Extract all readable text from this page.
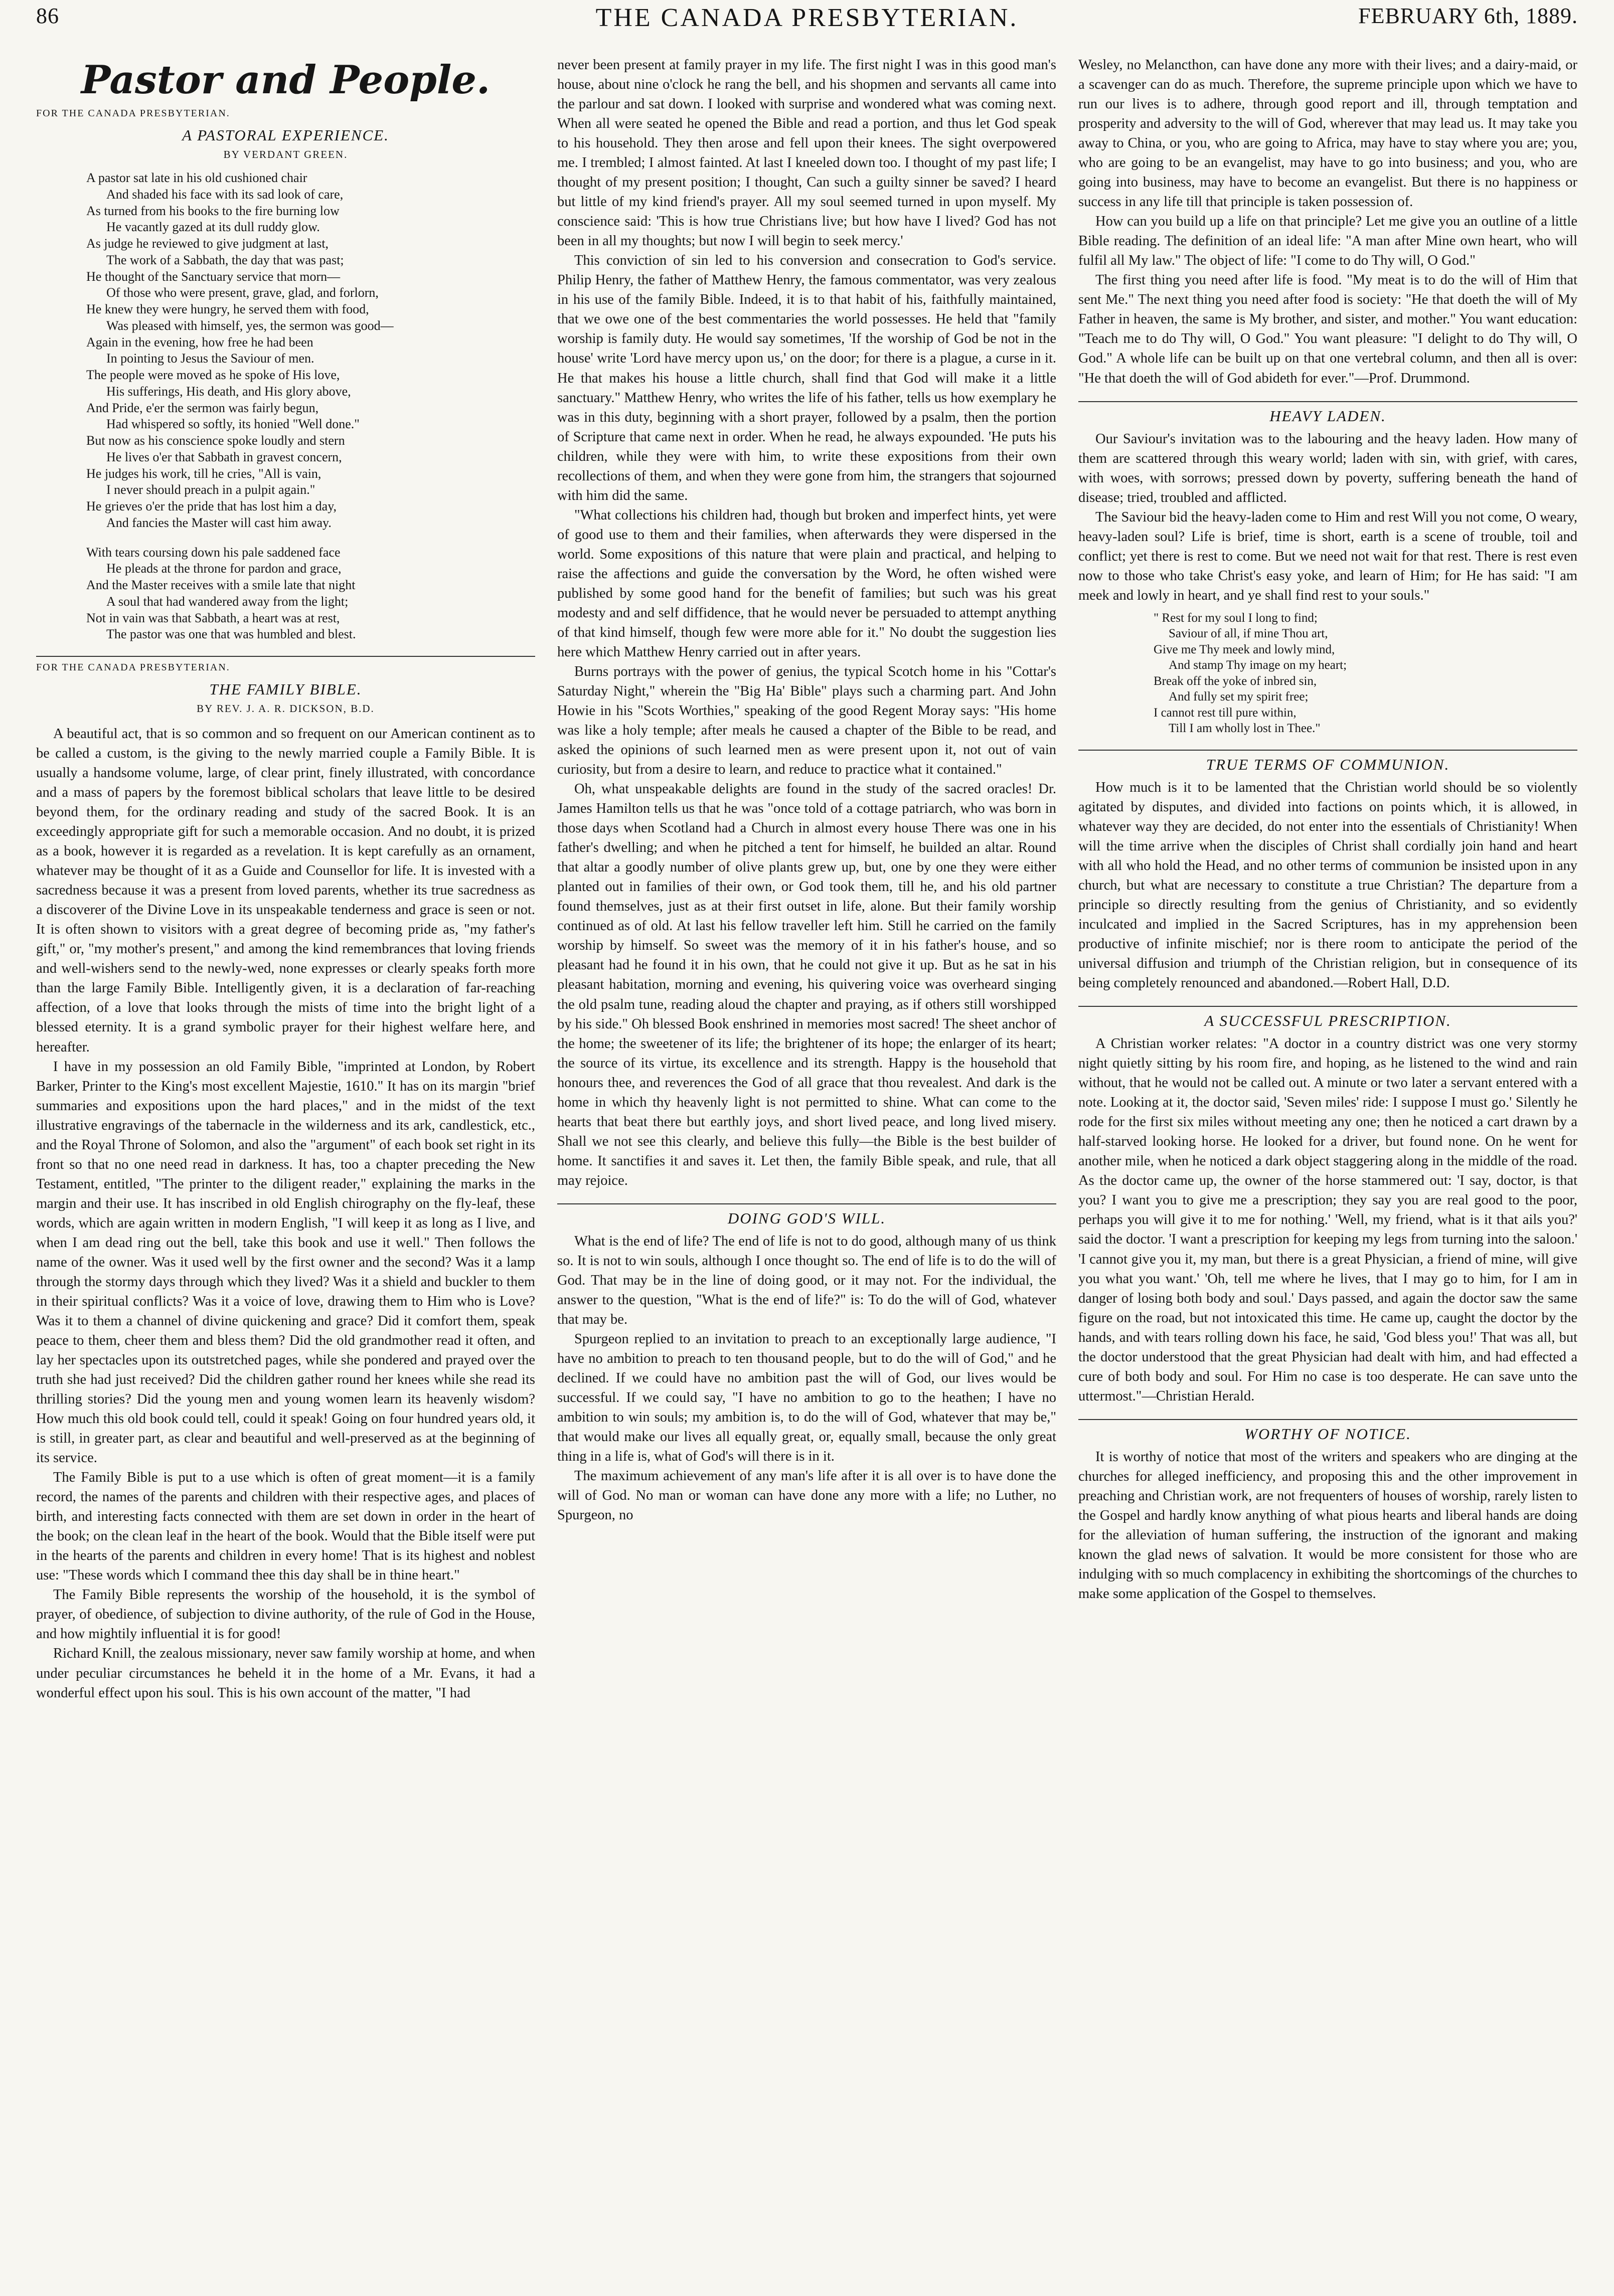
86	THE CANADA PRESBYTERIAN.	FEBRUARY 6th, 1889.
Pastor and People.
FOR THE CANADA PRESBYTERIAN.
A PASTORAL EXPERIENCE.
BY VERDANT GREEN.
A pastor sat late in his old cushioned chair
And shaded his face with its sad look of care,
As turned from his books to the fire burning low
He vacantly gazed at its dull ruddy glow.
As judge he reviewed to give judgment at last,
The work of a Sabbath, the day that was past;
He thought of the Sanctuary service that morn—
Of those who were present, grave, glad, and forlorn,
He knew they were hungry, he served them with food,
Was pleased with himself, yes, the sermon was good—
Again in the evening, how free he had been
In pointing to Jesus the Saviour of men.
The people were moved as he spoke of His love,
His sufferings, His death, and His glory above,
And Pride, e'er the sermon was fairly begun,
Had whispered so softly, its honied "Well done."
But now as his conscience spoke loudly and stern
He lives o'er that Sabbath in gravest concern,
He judges his work, till he cries, "All is vain,
I never should preach in a pulpit again."
He grieves o'er the pride that has lost him a day,
And fancies the Master will cast him away.
With tears coursing down his pale saddened face
He pleads at the throne for pardon and grace,
And the Master receives with a smile late that night
A soul that had wandered away from the light;
Not in vain was that Sabbath, a heart was at rest,
The pastor was one that was humbled and blest.
FOR THE CANADA PRESBYTERIAN.
THE FAMILY BIBLE.
BY REV. J. A. R. DICKSON, B.D.

A beautiful act, that is so common and so frequent on our American continent as to be called a custom, is the giving to the newly married couple a Family Bible. It is usually a handsome volume, large, of clear print, finely illustrated, with concordance and a mass of papers by the foremost biblical scholars that leave little to be desired beyond them, for the ordinary reading and study of the sacred Book. It is an exceedingly appropriate gift for such a memorable occasion. And no doubt, it is prized as a book, however it is regarded as a revelation. It is kept carefully as an ornament, whatever may be thought of it as a Guide and Counsellor for life. It is invested with a sacredness because it was a present from loved parents, whether its true sacredness as a discoverer of the Divine Love in its unspeakable tenderness and grace is seen or not. It is often shown to visitors with a great degree of becoming pride as, "my father's gift," or, "my mother's present," and among the kind remembrances that loving friends and well-wishers send to the newly-wed, none expresses or clearly speaks forth more than the large Family Bible. Intelligently given, it is a declaration of far-reaching affection, of a love that looks through the mists of time into the bright light of a blessed eternity. It is a grand symbolic prayer for their highest welfare here, and hereafter.

I have in my possession an old Family Bible, "imprinted at London, by Robert Barker, Printer to the King's most excellent Majestie, 1610." It has on its margin "brief summaries and expositions upon the hard places," and in the midst of the text illustrative engravings of the tabernacle in the wilderness and its ark, candlestick, etc., and the Royal Throne of Solomon, and also the "argument" of each book set right in its front so that no one need read in darkness. It has, too a chapter preceding the New Testament, entitled, "The printer to the diligent reader," explaining the marks in the margin and their use. It has inscribed in old English chirography on the fly-leaf, these words, which are again written in modern English, "I will keep it as long as I live, and when I am dead ring out the bell, take this book and use it well." Then follows the name of the owner. Was it used well by the first owner and the second? Was it a lamp through the stormy days through which they lived? Was it a shield and buckler to them in their spiritual conflicts? Was it a voice of love, drawing them to Him who is Love? Was it to them a channel of divine quickening and grace? Did it comfort them, speak peace to them, cheer them and bless them? Did the old grandmother read it often, and lay her spectacles upon its outstretched pages, while she pondered and prayed over the truth she had just received? Did the children gather round her knees while she read its thrilling stories? Did the young men and young women learn its heavenly wisdom? How much this old book could tell, could it speak! Going on four hundred years old, it is still, in greater part, as clear and beautiful and well-preserved as at the beginning of its service.

The Family Bible is put to a use which is often of great moment—it is a family record, the names of the parents and children with their respective ages, and places of birth, and interesting facts connected with them are set down in order in the heart of the book; on the clean leaf in the heart of the book. Would that the Bible itself were put in the hearts of the parents and children in every home! That is its highest and noblest use: "These words which I command thee this day shall be in thine heart."

The Family Bible represents the worship of the household, it is the symbol of prayer, of obedience, of subjection to divine authority, of the rule of God in the House, and how mightily influential it is for good!

Richard Knill, the zealous missionary, never saw family worship at home, and when under peculiar circumstances he beheld it in the home of a Mr. Evans, it had a wonderful effect upon his soul. This is his own account of the matter, "I had

never been present at family prayer in my life. The first night I was in this good man's house, about nine o'clock he rang the bell, and his shopmen and servants all came into the parlour and sat down. I looked with surprise and wondered what was coming next. When all were seated he opened the Bible and read a portion, and thus let God speak to his household. They then arose and fell upon their knees. The sight overpowered me. I trembled; I almost fainted. At last I kneeled down too. I thought of my past life; I thought of my present position; I thought, Can such a guilty sinner be saved? I heard but little of my kind friend's prayer. All my soul seemed turned in upon myself. My conscience said: 'This is how true Christians live; but how have I lived? God has not been in all my thoughts; but now I will begin to seek mercy.'

This conviction of sin led to his conversion and consecration to God's service. Philip Henry, the father of Matthew Henry, the famous commentator, was very zealous in his use of the family Bible. Indeed, it is to that habit of his, faithfully maintained, that we owe one of the best commentaries the world possesses. He held that "family worship is family duty. He would say sometimes, 'If the worship of God be not in the house' write 'Lord have mercy upon us,' on the door; for there is a plague, a curse in it. He that makes his house a little church, shall find that God will make it a little sanctuary." Matthew Henry, who writes the life of his father, tells us how exemplary he was in this duty, beginning with a short prayer, followed by a psalm, then the portion of Scripture that came next in order. When he read, he always expounded. 'He puts his children, while they were with him, to write these expositions from their own recollections of them, and when they were gone from him, the strangers that sojourned with him did the same.

"What collections his children had, though but broken and imperfect hints, yet were of good use to them and their families, when afterwards they were dispersed in the world. Some expositions of this nature that were plain and practical, and helping to raise the affections and guide the conversation by the Word, he often wished were published by some good hand for the benefit of families; but such was his great modesty and and self diffidence, that he would never be persuaded to attempt anything of that kind himself, though few were more able for it." No doubt the suggestion lies here which Matthew Henry carried out in after years.

Burns portrays with the power of genius, the typical Scotch home in his "Cottar's Saturday Night," wherein the "Big Ha' Bible" plays such a charming part. And John Howie in his "Scots Worthies," speaking of the good Regent Moray says: "His home was like a holy temple; after meals he caused a chapter of the Bible to be read, and asked the opinions of such learned men as were present upon it, not out of vain curiosity, but from a desire to learn, and reduce to practice what it contained."

Oh, what unspeakable delights are found in the study of the sacred oracles! Dr. James Hamilton tells us that he was "once told of a cottage patriarch, who was born in those days when Scotland had a Church in almost every house There was one in his father's dwelling; and when he pitched a tent for himself, he builded an altar. Round that altar a goodly number of olive plants grew up, but, one by one they were either planted out in families of their own, or God took them, till he, and his old partner found themselves, just as at their first outset in life, alone. But their family worship continued as of old. At last his fellow traveller left him. Still he carried on the family worship by himself. So sweet was the memory of it in his father's house, and so pleasant had he found it in his own, that he could not give it up. But as he sat in his pleasant habitation, morning and evening, his quivering voice was overheard singing the old psalm tune, reading aloud the chapter and praying, as if others still worshipped by his side." Oh blessed Book enshrined in memories most sacred! The sheet anchor of the home; the sweetener of its life; the brightener of its hope; the enlarger of its heart; the source of its virtue, its excellence and its strength. Happy is the household that honours thee, and reverences the God of all grace that thou revealest. And dark is the home in which thy heavenly light is not permitted to shine. What can come to the hearts that beat there but earthly joys, and short lived peace, and long lived misery. Shall we not see this clearly, and believe this fully—the Bible is the best builder of home. It sanctifies it and saves it. Let then, the family Bible speak, and rule, that all may rejoice.

DOING GOD'S WILL.

What is the end of life? The end of life is not to do good, although many of us think so. It is not to win souls, although I once thought so. The end of life is to do the will of God. That may be in the line of doing good, or it may not. For the individual, the answer to the question, "What is the end of life?" is: To do the will of God, whatever that may be.

Spurgeon replied to an invitation to preach to an exceptionally large audience, "I have no ambition to preach to ten thousand people, but to do the will of God," and he declined. If we could have no ambition past the will of God, our lives would be successful. If we could say, "I have no ambition to go to the heathen; I have no ambition to win souls; my ambition is, to do the will of God, whatever that may be," that would make our lives all equally great, or, equally small, because the only great thing in a life is, what of God's will there is in it.

The maximum achievement of any man's life after it is all over is to have done the will of God. No man or woman can have done any more with a life; no Luther, no Spurgeon, no

Wesley, no Melancthon, can have done any more with their lives; and a dairy-maid, or a scavenger can do as much. Therefore, the supreme principle upon which we have to run our lives is to adhere, through good report and ill, through temptation and prosperity and adversity to the will of God, wherever that may lead us. It may take you away to China, or you, who are going to Africa, may have to stay where you are; you, who are going to be an evangelist, may have to go into business; and you, who are going into business, may have to become an evangelist. But there is no happiness or success in any life till that principle is taken possession of.

How can you build up a life on that principle? Let me give you an outline of a little Bible reading. The definition of an ideal life: "A man after Mine own heart, who will fulfil all My law." The object of life: "I come to do Thy will, O God."

The first thing you need after life is food. "My meat is to do the will of Him that sent Me." The next thing you need after food is society: "He that doeth the will of My Father in heaven, the same is My brother, and sister, and mother." You want education: "Teach me to do Thy will, O God." You want pleasure: "I delight to do Thy will, O God." A whole life can be built up on that one vertebral column, and then all is over: "He that doeth the will of God abideth for ever."—Prof. Drummond.

HEAVY LADEN.

Our Saviour's invitation was to the labouring and the heavy laden. How many of them are scattered through this weary world; laden with sin, with grief, with cares, with woes, with sorrows; pressed down by poverty, suffering beneath the hand of disease; tried, troubled and afflicted.

The Saviour bid the heavy-laden come to Him and rest Will you not come, O weary, heavy-laden soul? Life is brief, time is short, earth is a scene of trouble, toil and conflict; yet there is rest to come. But we need not wait for that rest. There is rest even now to those who take Christ's easy yoke, and learn of Him; for He has said: "I am meek and lowly in heart, and ye shall find rest to your souls."

" Rest for my soul I long to find;
Saviour of all, if mine Thou art,
Give me Thy meek and lowly mind,
And stamp Thy image on my heart;
Break off the yoke of inbred sin,
And fully set my spirit free;
I cannot rest till pure within,
Till I am wholly lost in Thee."
TRUE TERMS OF COMMUNION.

How much is it to be lamented that the Christian world should be so violently agitated by disputes, and divided into factions on points which, it is allowed, in whatever way they are decided, do not enter into the essentials of Christianity! When will the time arrive when the disciples of Christ shall cordially join hand and heart with all who hold the Head, and no other terms of communion be insisted upon in any church, but what are necessary to constitute a true Christian? The departure from a principle so directly resulting from the genius of Christianity, and so evidently inculcated and implied in the Sacred Scriptures, has in my apprehension been productive of infinite mischief; nor is there room to anticipate the period of the universal diffusion and triumph of the Christian religion, but in consequence of its being completely renounced and abandoned.—Robert Hall, D.D.

A SUCCESSFUL PRESCRIPTION.

A Christian worker relates: "A doctor in a country district was one very stormy night quietly sitting by his room fire, and hoping, as he listened to the wind and rain without, that he would not be called out. A minute or two later a servant entered with a note. Looking at it, the doctor said, 'Seven miles' ride: I suppose I must go.' Silently he rode for the first six miles without meeting any one; then he noticed a cart drawn by a half-starved looking horse. He looked for a driver, but found none. On he went for another mile, when he noticed a dark object staggering along in the middle of the road. As the doctor came up, the owner of the horse stammered out: 'I say, doctor, is that you? I want you to give me a prescription; they say you are real good to the poor, perhaps you will give it to me for nothing.' 'Well, my friend, what is it that ails you?' said the doctor. 'I want a prescription for keeping my legs from turning into the saloon.' 'I cannot give you it, my man, but there is a great Physician, a friend of mine, will give you what you want.' 'Oh, tell me where he lives, that I may go to him, for I am in danger of losing both body and soul.' Days passed, and again the doctor saw the same figure on the road, but not intoxicated this time. He came up, caught the doctor by the hands, and with tears rolling down his face, he said, 'God bless you!' That was all, but the doctor understood that the great Physician had dealt with him, and had effected a cure of both body and soul. For Him no case is too desperate. He can save unto the uttermost."—Christian Herald.

WORTHY OF NOTICE.

It is worthy of notice that most of the writers and speakers who are dinging at the churches for alleged inefficiency, and proposing this and the other improvement in preaching and Christian work, are not frequenters of houses of worship, rarely listen to the Gospel and hardly know anything of what pious hearts and liberal hands are doing for the alleviation of human suffering, the instruction of the ignorant and making known the glad news of salvation. It would be more consistent for those who are indulging with so much complacency in exhibiting the shortcomings of the churches to make some application of the Gospel to themselves.
